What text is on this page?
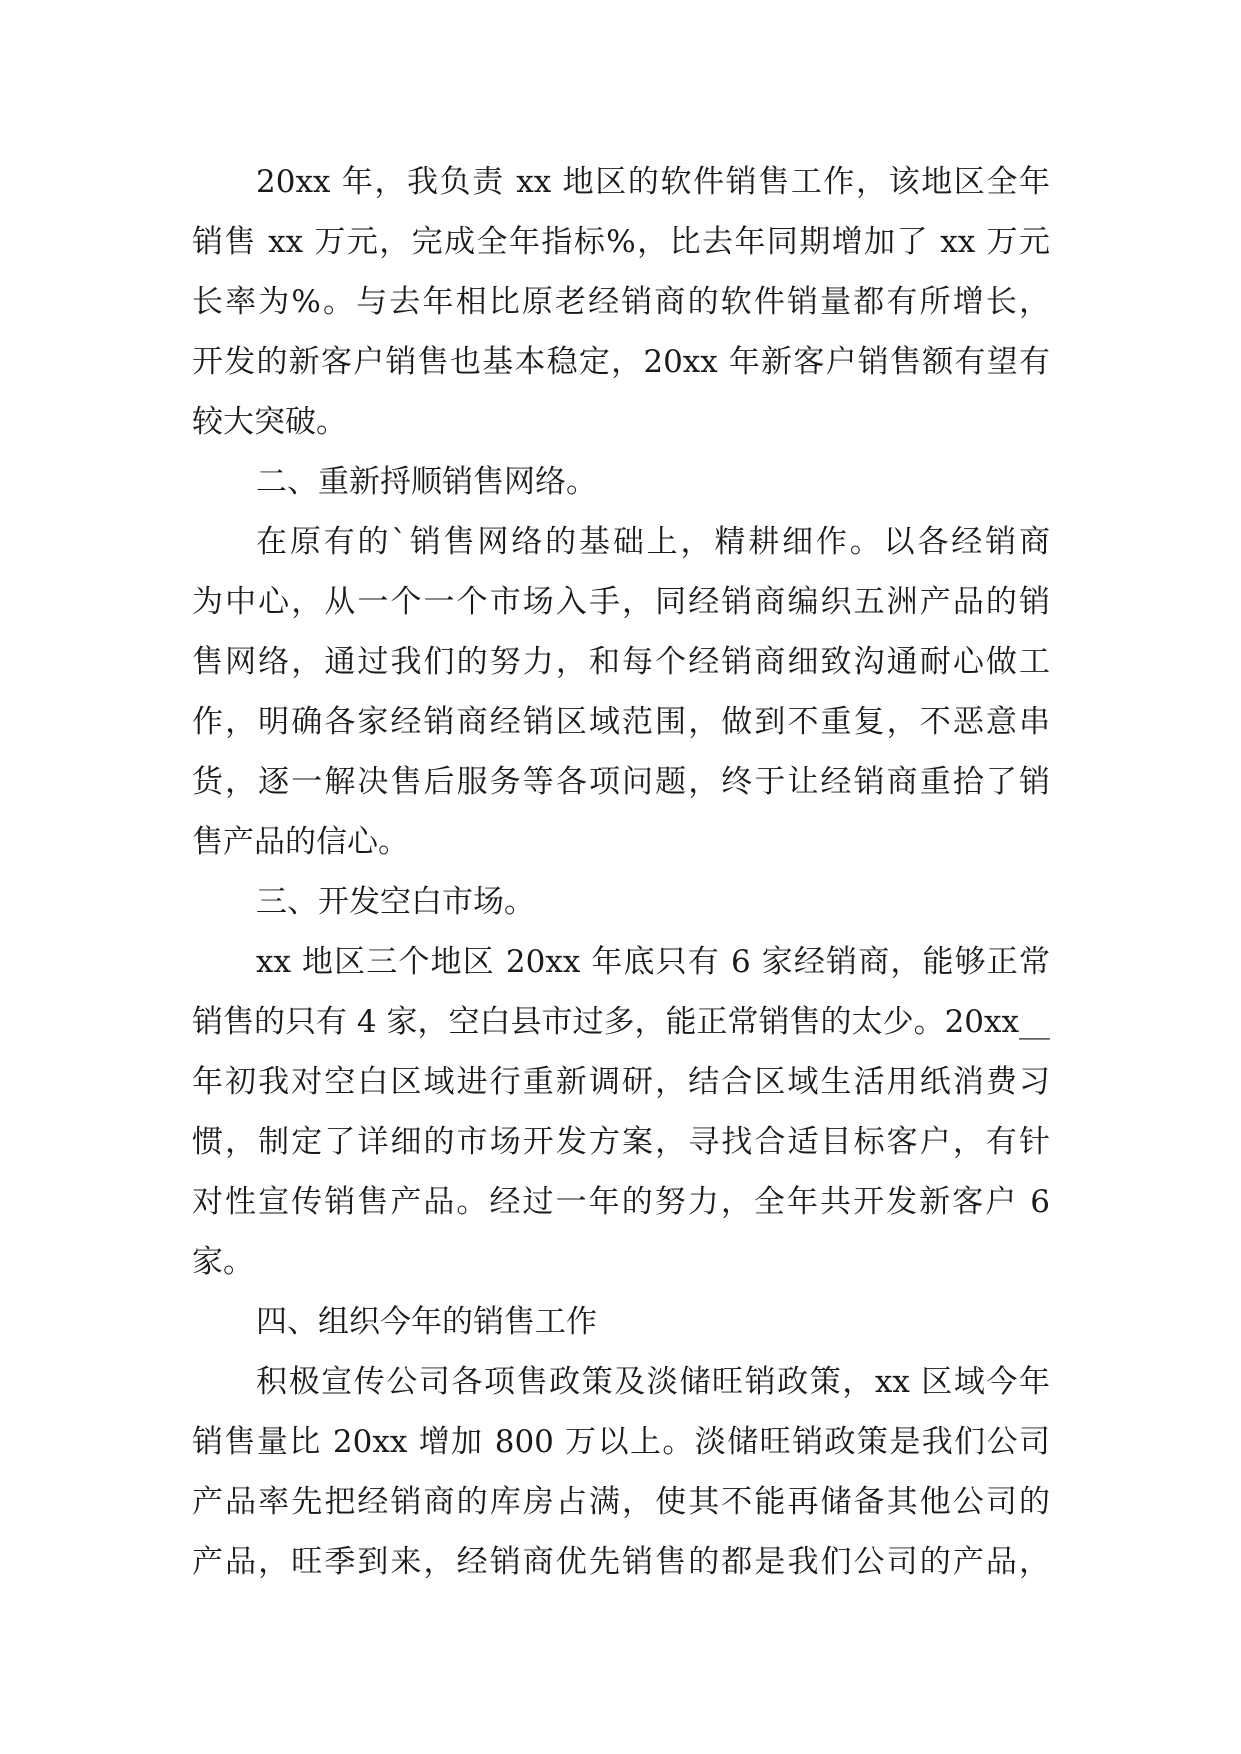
20xx 年，我负责 xx 地区的软件销售工作，该地区全年
销售 xx 万元，完成全年指标%，比去年同期增加了 xx 万元
长率为%。与去年相比原老经销商的软件销量都有所增长，
开发的新客户销售也基本稳定，20xx 年新客户销售额有望有
较大突破。
二、重新捋顺销售网络。
在原有的`销售网络的基础上，精耕细作。以各经销商
为中心，从一个一个市场入手，同经销商编织五洲产品的销
售网络，通过我们的努力，和每个经销商细致沟通耐心做工
作，明确各家经销商经销区域范围，做到不重复，不恶意串
货，逐一解决售后服务等各项问题，终于让经销商重拾了销
售产品的信心。
三、开发空白市场。
xx 地区三个地区 20xx 年底只有 6 家经销商，能够正常
销售的只有 4 家，空白县市过多，能正常销售的太少。20xx__
年初我对空白区域进行重新调研，结合区域生活用纸消费习
惯，制定了详细的市场开发方案，寻找合适目标客户，有针
对性宣传销售产品。经过一年的努力，全年共开发新客户 6
家。
四、组织今年的销售工作
积极宣传公司各项售政策及淡储旺销政策，xx 区域今年
销售量比 20xx 增加 800 万以上。淡储旺销政策是我们公司
产品率先把经销商的库房占满，使其不能再储备其他公司的
产品，旺季到来，经销商优先销售的都是我们公司的产品，
